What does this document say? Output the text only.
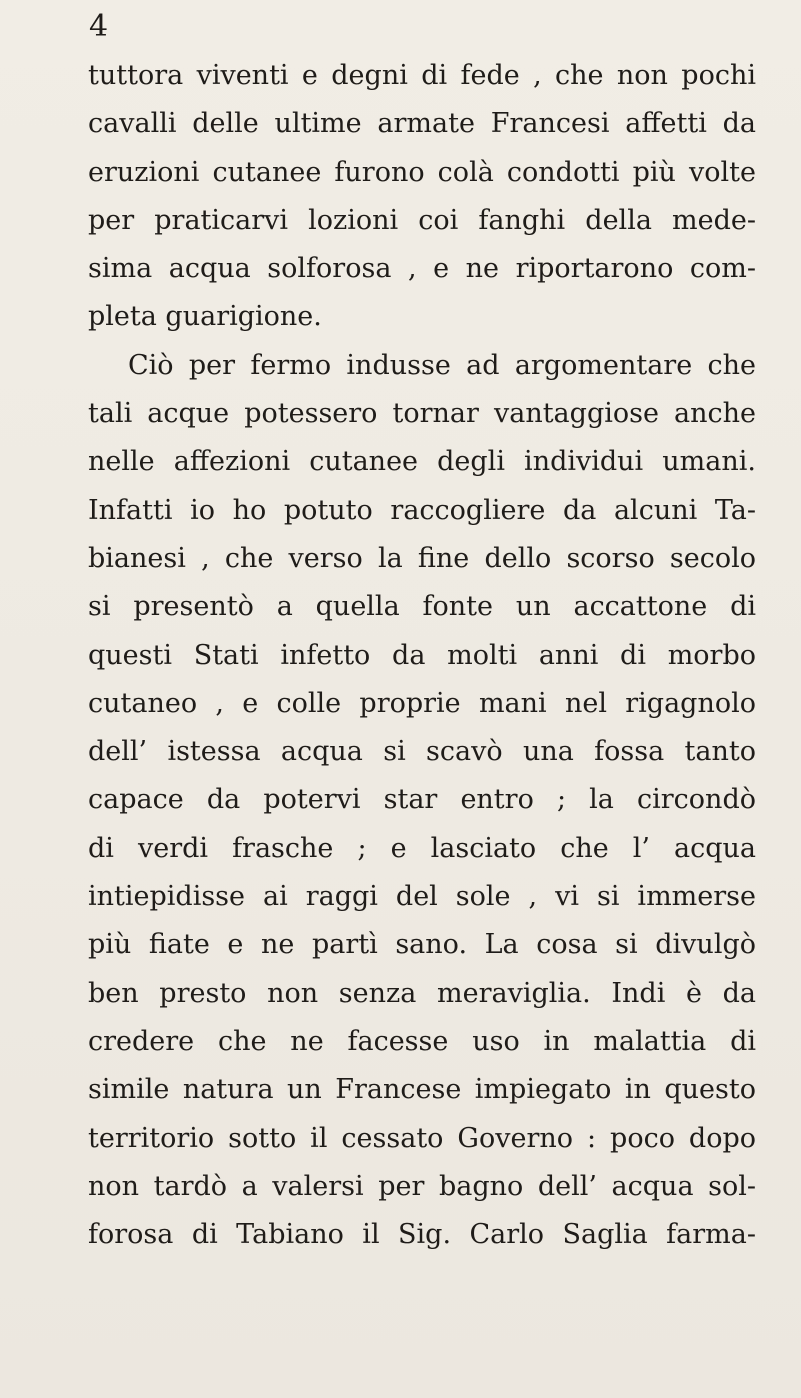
4
tuttora viventi e degni di fede , che non pochi
cavalli delle ultime armate Francesi affetti da
eruzioni cutanee furono colà condotti più volte
per praticarvi lozioni coi fanghi della mede-
sima acqua solforosa , e ne riportarono com-
pleta guarigione.
Ciò per fermo indusse ad argomentare che
tali acque potessero tornar vantaggiose anche
nelle affezioni cutanee degli individui umani.
Infatti io ho potuto raccogliere da alcuni Ta-
bianesi , che verso la fine dello scorso secolo
si presentò a quella fonte un accattone di
questi Stati infetto da molti anni di morbo
cutaneo , e colle proprie mani nel rigagnolo
dell’ istessa acqua si scavò una fossa tanto
capace da potervi star entro ; la circondò
di verdi frasche ; e lasciato che l’ acqua
intiepidisse ai raggi del sole , vi si immerse
più fiate e ne partì sano. La cosa si divulgò
ben presto non senza meraviglia. Indi è da
credere che ne facesse uso in malattia di
simile natura un Francese impiegato in questo
territorio sotto il cessato Governo : poco dopo
non tardò a valersi per bagno dell’ acqua sol-
forosa di Tabiano il Sig. Carlo Saglia farma-
